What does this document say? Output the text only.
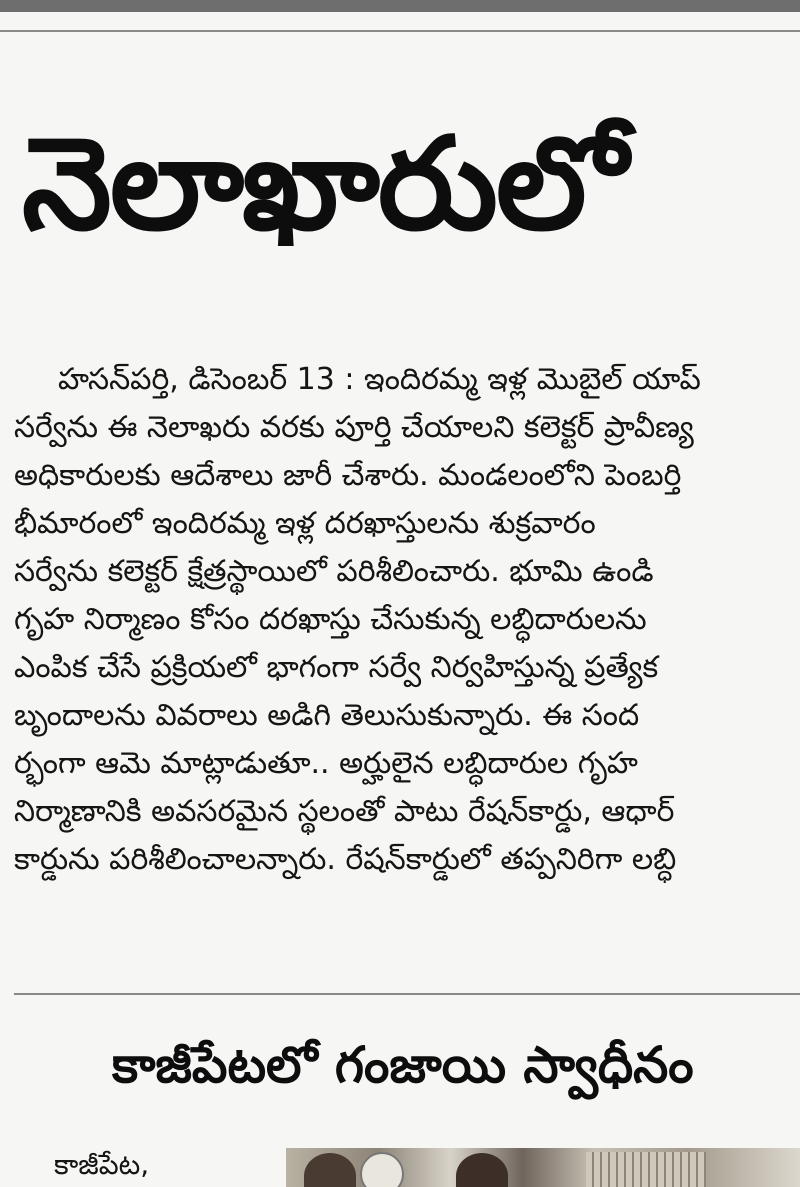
నెలాఖారులో
హసన్‌పర్తి, డిసెంబర్ 13 : ఇందిరమ్మ ఇళ్ల మొబైల్ యాప్
సర్వేను ఈ నెలాఖరు వరకు పూర్తి చేయాలని కలెక్టర్ ప్రావీణ్య
అధికారులకు ఆదేశాలు జారీ చేశారు. మండలంలోని పెంబర్తి
భీమారంలో ఇందిరమ్మ ఇళ్ల దరఖాస్తులను శుక్రవారం
సర్వేను కలెక్టర్ క్షేత్రస్థాయిలో పరిశీలించారు. భూమి ఉండి
గృహ నిర్మాణం కోసం దరఖాస్తు చేసుకున్న లబ్ధిదారులను
ఎంపిక చేసే ప్రక్రియలో భాగంగా సర్వే నిర్వహిస్తున్న ప్రత్యేక
బృందాలను వివరాలు అడిగి తెలుసుకున్నారు. ఈ సంద
ర్భంగా ఆమె మాట్లాడుతూ.. అర్హులైన లబ్ధిదారుల గృహ
నిర్మాణానికి అవసరమైన స్థలంతో పాటు రేషన్‌కార్డు, ఆధార్
కార్డును పరిశీలించాలన్నారు. రేషన్‌కార్డులో తప్పనిరిగా లబ్ధి
కాజీపేటలో గంజాయి స్వాధీనం
కాజీపేట,
